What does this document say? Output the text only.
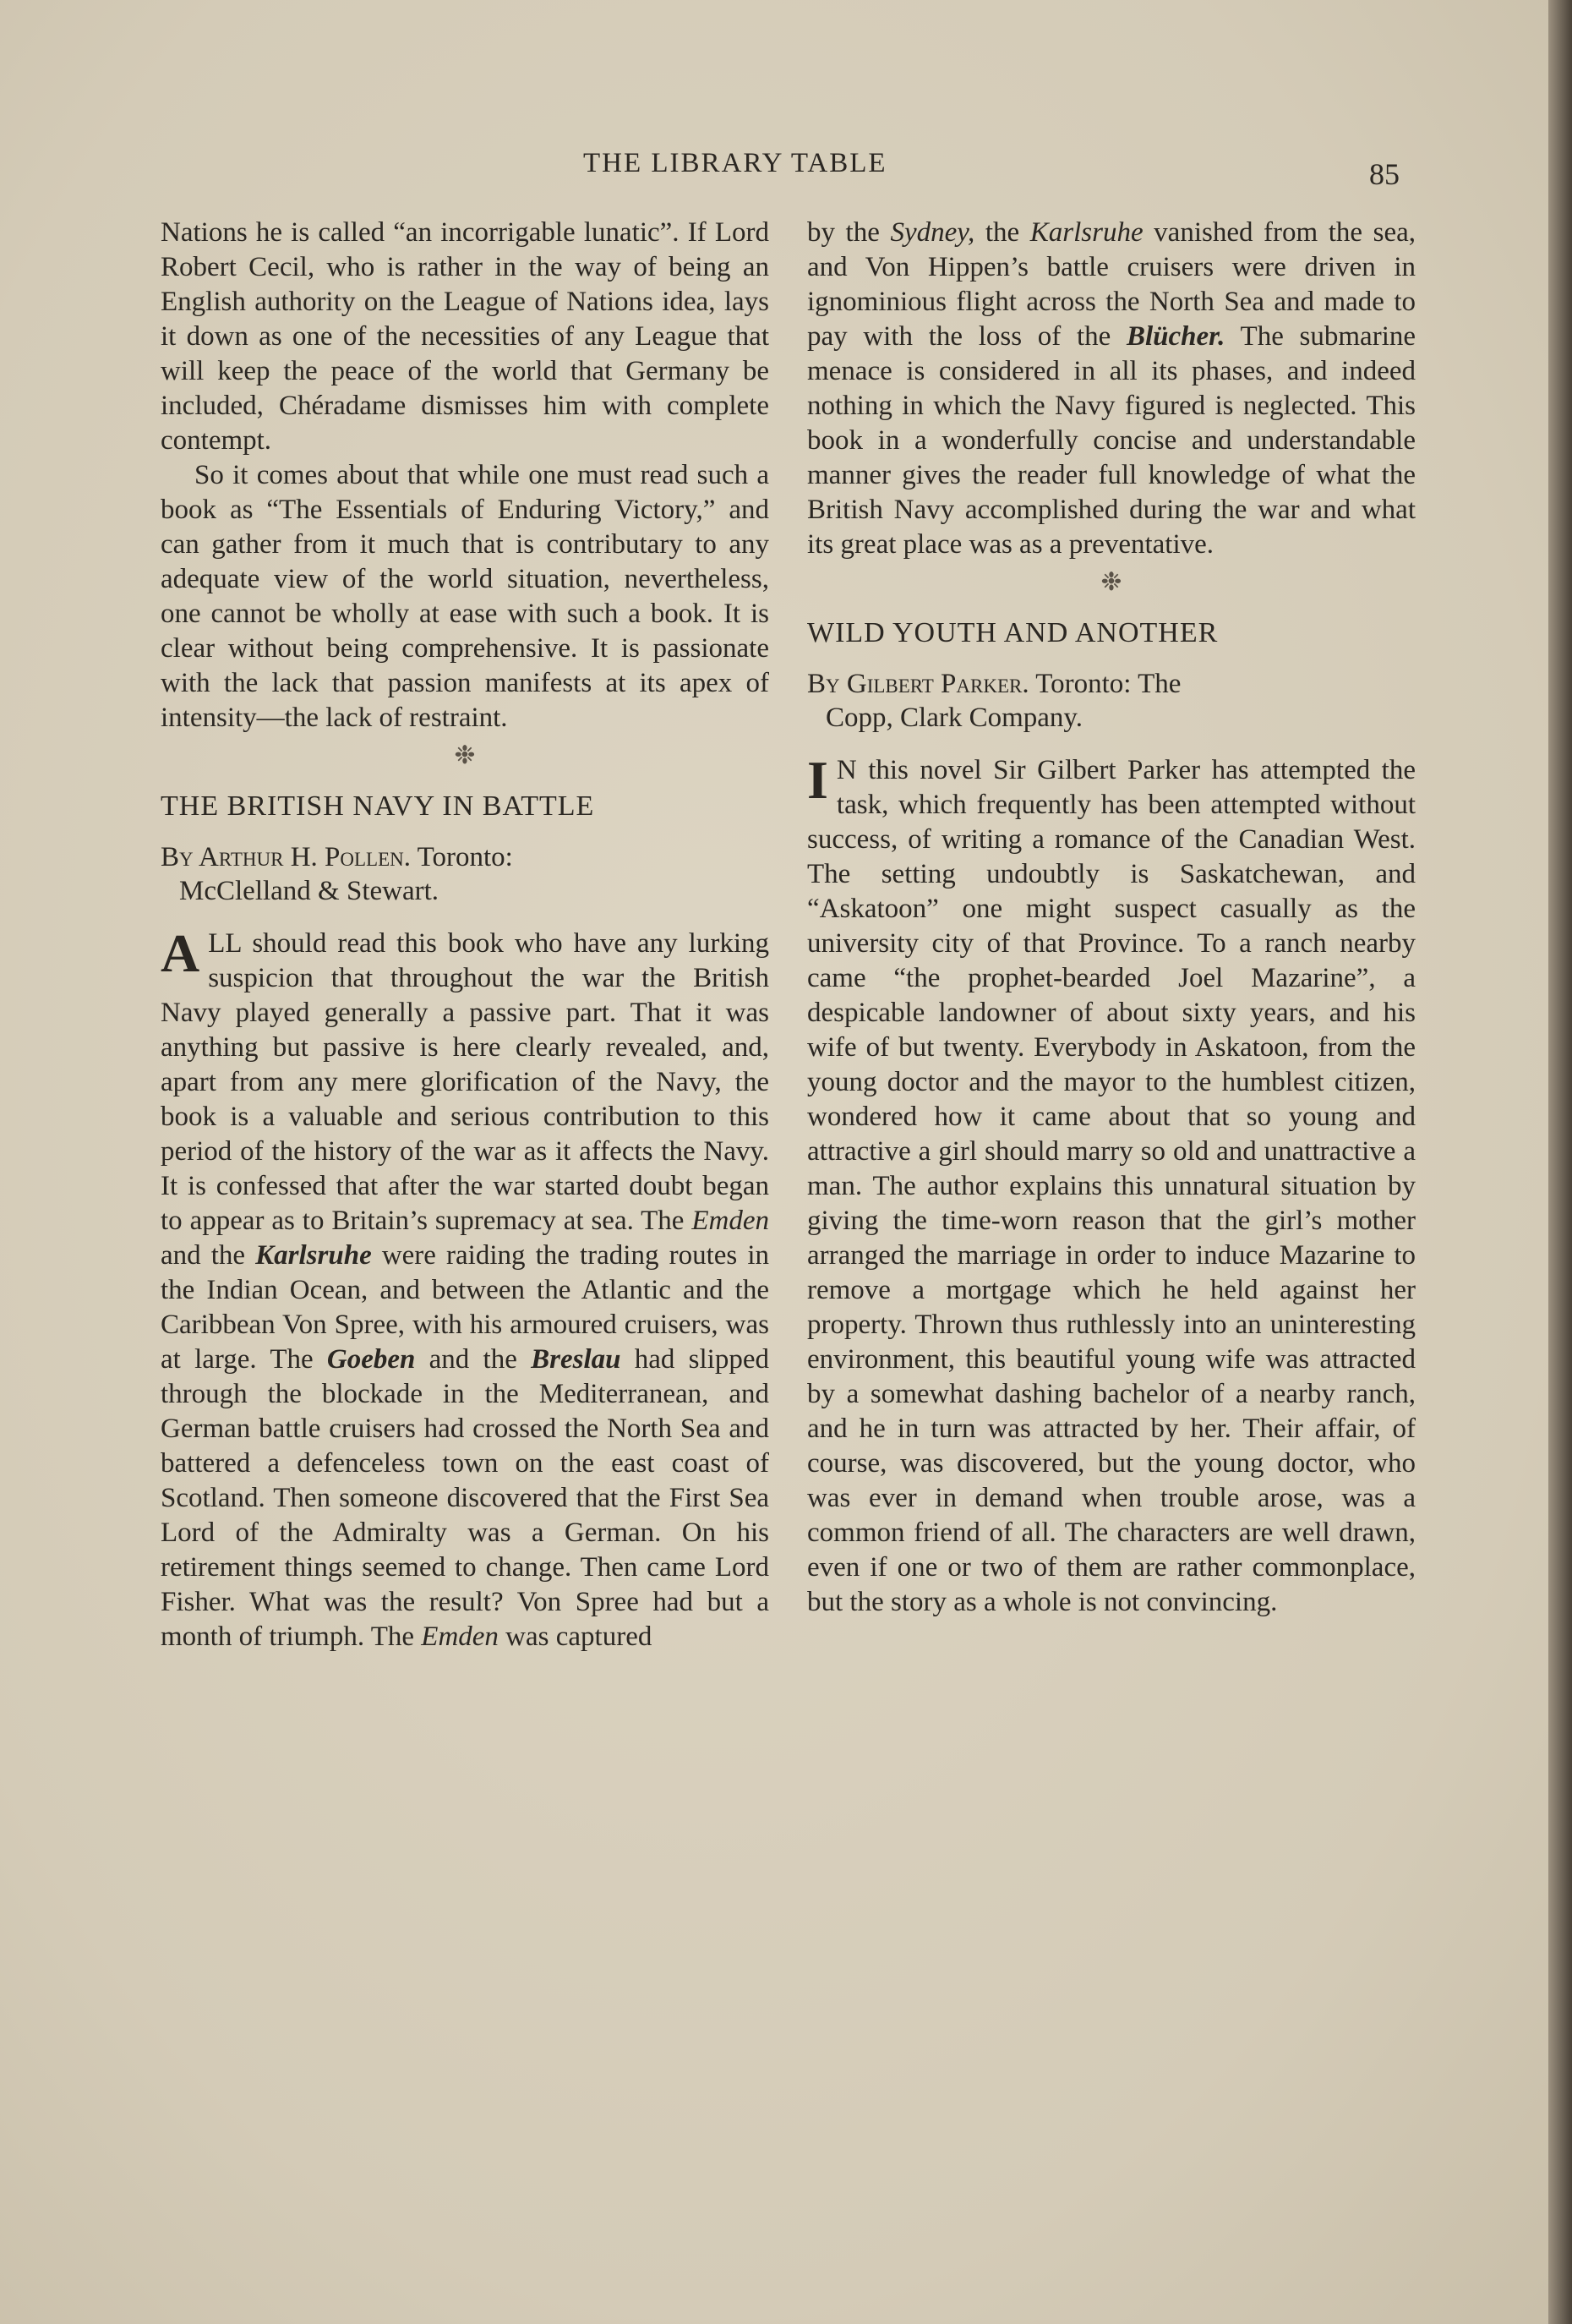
THE LIBRARY TABLE	85

Nations he is called “an incorrigable lunatic”. If Lord Robert Cecil, who is rather in the way of being an English authority on the League of Nations idea, lays it down as one of the necessities of any League that will keep the peace of the world that Germany be included, Chéradame dismisses him with complete contempt.

So it comes about that while one must read such a book as “The Essentials of Enduring Victory,” and can gather from it much that is contributary to any adequate view of the world situation, nevertheless, one cannot be wholly at ease with such a book. It is clear without being comprehensive. It is passionate with the lack that passion manifests at its apex of intensity—the lack of restraint.

❉
THE BRITISH NAVY IN BATTLE
By Arthur H. Pollen. Toronto:
McClelland & Stewart.

ALL should read this book who have any lurking suspicion that throughout the war the British Navy played generally a passive part. That it was anything but passive is here clearly revealed, and, apart from any mere glorification of the Navy, the book is a valuable and serious contribution to this period of the history of the war as it affects the Navy. It is confessed that after the war started doubt began to appear as to Britain’s supremacy at sea. The Emden and the Karlsruhe were raiding the trading routes in the Indian Ocean, and between the Atlantic and the Caribbean Von Spree, with his armoured cruisers, was at large. The Goeben and the Breslau had slipped through the blockade in the Mediterranean, and German battle cruisers had crossed the North Sea and battered a defenceless town on the east coast of Scotland. Then someone discovered that the First Sea Lord of the Admiralty was a German. On his retirement things seemed to change. Then came Lord Fisher. What was the result? Von Spree had but a month of triumph. The Emden was captured

by the Sydney, the Karlsruhe vanished from the sea, and Von Hippen’s battle cruisers were driven in ignominious flight across the North Sea and made to pay with the loss of the Blücher. The submarine menace is considered in all its phases, and indeed nothing in which the Navy figured is neglected. This book in a wonderfully concise and understandable manner gives the reader full knowledge of what the British Navy accomplished during the war and what its great place was as a preventative.

❉
WILD YOUTH AND ANOTHER
By Gilbert Parker. Toronto: The
Copp, Clark Company.

I N this novel Sir Gilbert Parker has attempted the task, which frequently has been attempted without success, of writing a romance of the Canadian West. The setting undoubtly is Saskatchewan, and “Askatoon” one might suspect casually as the university city of that Province. To a ranch nearby came “the prophet-bearded Joel Mazarine”, a despicable landowner of about sixty years, and his wife of but twenty. Everybody in Askatoon, from the young doctor and the mayor to the humblest citizen, wondered how it came about that so young and attractive a girl should marry so old and unattractive a man. The author explains this unnatural situation by giving the time-worn reason that the girl’s mother arranged the marriage in order to induce Mazarine to remove a mortgage which he held against her property. Thrown thus ruthlessly into an uninteresting environment, this beautiful young wife was attracted by a somewhat dashing bachelor of a nearby ranch, and he in turn was attracted by her. Their affair, of course, was discovered, but the young doctor, who was ever in demand when trouble arose, was a common friend of all. The characters are well drawn, even if one or two of them are rather commonplace, but the story as a whole is not convincing.
